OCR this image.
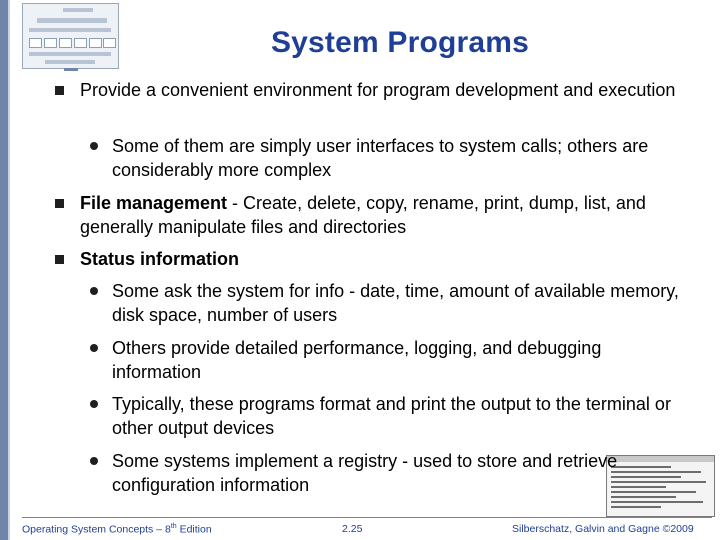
System Programs
Provide a convenient environment for program development and execution
Some of them are simply user interfaces to system calls; others are considerably more complex
File management - Create, delete, copy, rename, print, dump, list, and generally manipulate files and directories
Status information
Some ask the system for info - date, time, amount of available memory, disk space, number of users
Others provide detailed performance, logging, and debugging information
Typically, these programs format and print the output to the terminal or other output devices
Some systems implement a registry - used to store and retrieve configuration information
Operating System Concepts – 8th Edition	2.25	Silberschatz, Galvin and Gagne ©2009
